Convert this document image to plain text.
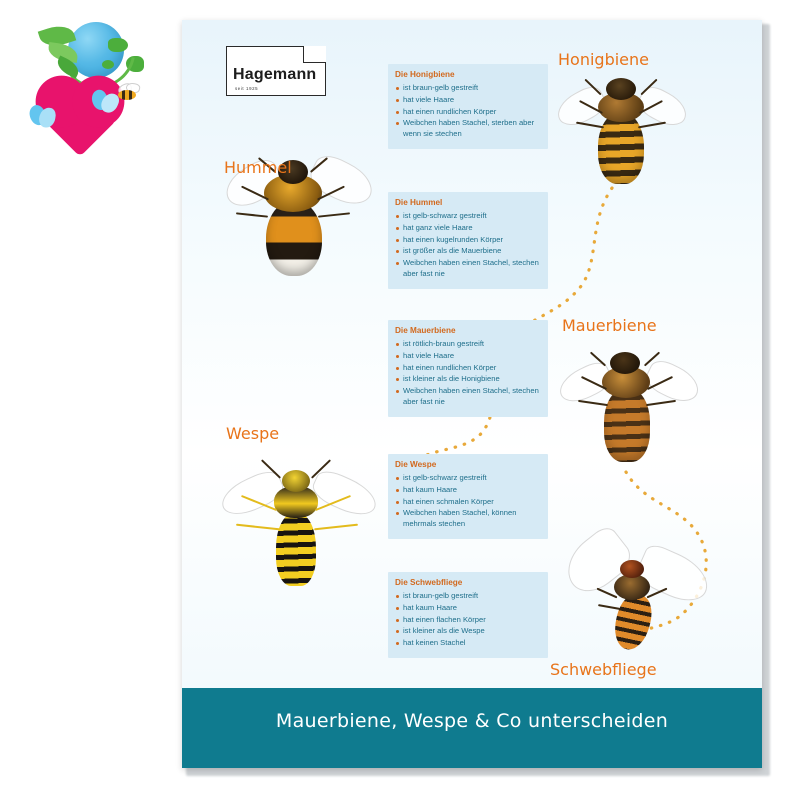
Hagemann
seit 1925
Hummel
Honigbiene
Mauerbiene
Wespe
Schwebfliege
Die Honigbiene
ist braun-gelb gestreift
hat viele Haare
hat einen rundlichen Körper
Weibchen haben Stachel, sterben aber wenn sie stechen
Die Hummel
ist gelb-schwarz gestreift
hat ganz viele Haare
hat einen kugelrunden Körper
ist größer als die Mauerbiene
Weibchen haben einen Stachel, stechen aber fast nie
Die Mauerbiene
ist rötlich-braun gestreift
hat viele Haare
hat einen rundlichen Körper
ist kleiner als die Honigbiene
Weibchen haben einen Stachel, stechen aber fast nie
Die Wespe
ist gelb-schwarz gestreift
hat kaum Haare
hat einen schmalen Körper
Weibchen haben Stachel, können mehrmals stechen
Die Schwebfliege
ist braun-gelb gestreift
hat kaum Haare
hat einen flachen Körper
ist kleiner als die Wespe
hat keinen Stachel
Mauerbiene, Wespe & Co unterscheiden
